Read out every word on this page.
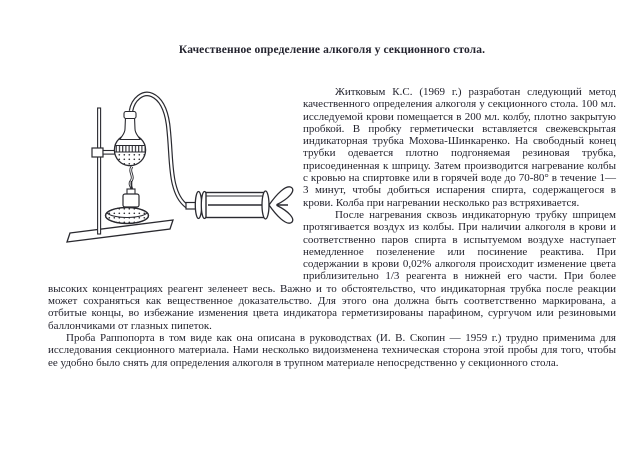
Качественное определение алкоголя у секционного стола.

Житковым К.С. (1969 г.) разработан следующий метод качественного определения алкоголя у секционного стола. 100 мл. исследуемой крови помещается в 200 мл. колбу, плотно закрытую пробкой. В пробку герметически вставляется свежевскрытая индикаторная трубка Мохова-Шинкаренко. На свободный конец трубки одевается плотно подгоняемая резиновая трубка, присоединенная к шприцу. Затем производится нагревание колбы с кровью на спиртовке или в горячей воде до 70-80° в течение 1—3 минут, чтобы добиться испарения спирта, содержащегося в крови. Колба при нагревании несколько раз встряхивается.

После нагревания сквозь индикаторную трубку шприцем протягивается воздух из колбы. При наличии алкоголя в крови и соответственно паров спирта в испытуемом воздухе наступает немедленное позеленение или посинение реактива. При содержании в крови 0,02% алкоголя происходит изменение цвета приблизительно 1/3 реагента в нижней его части. При более высоких концентрациях реагент зеленеет весь. Важно и то обстоятельство, что индикаторная трубка после реакции может сохраняться как вещественное доказательство. Для этого она должна быть соответственно маркирована, а отбитые концы, во избежание изменения цвета индикатора герметизированы парафином, сургучом или резиновыми баллончиками от глазных пипеток.

Проба Раппопорта в том виде как она описана в руководствах (И. В. Скопин — 1959 г.) трудно применима для исследования секционного материала. Нами несколько видоизменена техническая сторона этой пробы для того, чтобы ее удобно было снять для определения алкоголя в трупном материале непосредственно у секционного стола.
